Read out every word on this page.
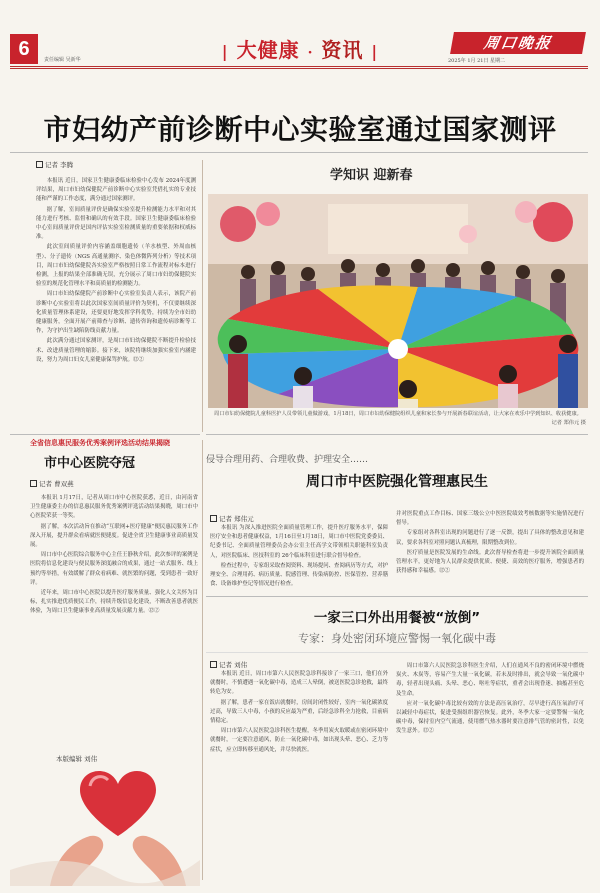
6	责任编辑 吴新华	| 大健康 · 资讯 |	周口晚报
2025年 1月 21日 星期二
市妇幼产前诊断中心实验室通过国家测评
记者 李腾

本报讯 近日，国家卫生健康委临床检验中心发布 2024年度测评结果，周口市妇幼保健院产前诊断中心实验室凭借扎实的专业技能和严谨的工作态度，满分通过国家测评。

据了解，室间质量评价是确保实验室提升检测能力水平和对其能力进行考核、监督和确认的有效手段。国家卫生健康委临床检验中心室间质量评价是国内评估实验室检测质量的重要依据和权威标准。

此次室间质量评价内容涵盖细胞遗传（羊水核型、外周血核型）、分子遗传（NGS 高通量测序、染色体微阵列分析）等技术项目，周口市妇幼保健院各实验室严格按照日常工作流程对标本进行检测，上报的结果全部准确无误，充分展示了周口市妇幼保健院实验室的规范化管理水平和高质量的检测能力。

周口市妇幼保健院产前诊断中心实验室负责人表示，该院产前诊断中心实验室将以此次国家室间质量评价为契机，不仅要继续深化质量管理体系建设，还要更好地发挥学科优势，持续为全市妇幼健康服务，全面开展产前筛查与诊断、遗传咨询和遗传病诊断等工作，为守护出生缺陷防线贡献力量。

此次满分通过国家测评，是周口市妇幼保健院不断提升检验技术、改进质量管理的缩影。接下来，该院将继续加强实验室内涵建设，努力为周口妇女儿童健康保驾护航。⑫②

学知识 迎新春
周口市妇幼保健院儿童科医护人员带领儿童做游戏，1月18日，周口市妇幼保健院组织儿童和家长参与开展新春联谊活动，让大家在欢乐中学到知识、收获健康。
记者 郑伟元 摄
全省信息惠民服务优秀案例评选活动结果揭晓
市中心医院夺冠
记者 曹双燕

本报讯 1月17日，记者从周口市中心医院获悉，近日，由河南省卫生健康委主办的信息惠民服务优秀案例评选活动结果揭晓，周口市中心医院荣获一等奖。

据了解，本次活动旨在推动“互联网+医疗健康”便民惠民服务工作深入开展，提升群众看病就医便捷度。促进全省卫生健康事业高质量发展。

周口市中心医院综合服务中心主任王静秋介绍，此次参评的案例是医院将信息化建设与便民服务深度融合的成果，通过一站式服务、线上预约等举措，有效缓解了群众看病难、就医繁的问题，受到患者一致好评。

近年来，周口市中心医院以提升医疗服务质量、强化人文关怀为目标，扎实推进优质便民工作，持续升级信息化建设，不断改善患者就医体验，为周口卫生健康事业高质量发展贡献力量。⑫②

侵导合理用药、合理收费、护理安全……
周口市中医院强化管理惠民生
记者 郑伟元

本报讯 为深入推进医院全面质量管理工作，提升医疗服务水平，保障医疗安全和患者健康权益，1月16日至1月18日，周口市中医院党委委员、纪委书记、全面质量管理委员会办公室主任高学文带领相关职能科室负责人，对医院临床、医技科室的 26个临床科室进行联合督导检查。

检查过程中，专家组采取查阅资料、现场提问、查阅病历等方式，对护理安全、合理用药、病历质量、院感管理、传染病防控、医保管控、营养膳食、设备维护登记等情况进行检查。

并对医院重点工作目标、国家三级公立中医医院绩效考核数据等实施情况进行督导。

专家组对各科室出现的问题进行了逐一反馈，提出了具体的整改意见和建议，要求各科室对照问题认真梳理，限期整改到位。

医疗质量是医院发展的生命线。此次督导检查将进一步提升该院全面质量管理水平，更好地为人民群众提供优质、便捷、高效的医疗服务，增强患者的获得感和幸福感。⑫②

一家三口外出用餐被“放倒”
专家：身处密闭环境应警惕一氧化碳中毒
记者 刘伟

本报讯 近日，周口市第六人民医院急诊科接诊了一家三口，他们在外就餐时，不慎遭遇一氧化碳中毒，造成三人晕倒，被送医院急诊抢救，最终转危为安。

据了解，患者一家在饭店就餐时，房间封闭性较好，室内一氧化碳浓度过高，导致三人中毒，小孩的反应最为严重，后经急诊科全力抢救，目前病情稳定。

周口市第六人民医院急诊科医生提醒，冬季用炭火取暖或在密闭环境中就餐时，一定要注意通风，防止一氧化碳中毒，如出现头晕、恶心、乏力等症状，应立即转移至通风处，并尽快就医。

周口市第六人民医院急诊科医生介绍，人们在通风不良的密闭环境中燃烧炭火、木炭等，容易产生大量一氧化碳，若未及时排出，就会导致一氧化碳中毒，轻者出现头痛、头晕、恶心、呕吐等症状，重者会出现昏迷、抽搐甚至危及生命。

应对一氧化碳中毒比较有效的方法是高压氧治疗，尽早进行高压氧治疗可以减轻中毒症状，促进受损组织器官恢复。此外，冬季大家一定要警惕一氧化碳中毒，保持室内空气流通，使用燃气热水器时要注意排气管的密封性，以免发生意外。⑫②

本版编辑 刘伟
